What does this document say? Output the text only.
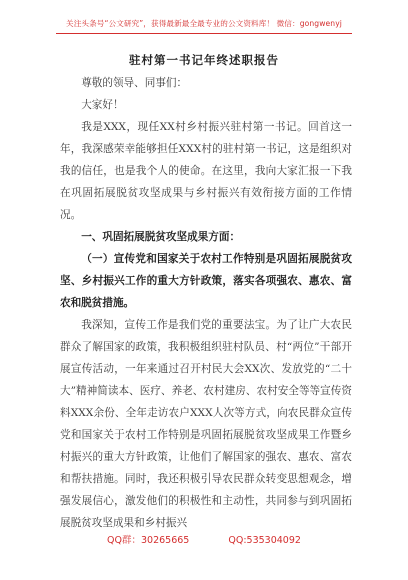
关注头条号“公文研究”，获得最新最全最专业的公文资料库！ 微信：gongwenyj
驻村第一书记年终述职报告

尊敬的领导、同事们：

大家好！

我是XXX，现任XX村乡村振兴驻村第一书记。回首这一年，我深感荣幸能够担任XXX村的驻村第一书记，这是组织对我的信任，也是我个人的使命。在这里，我向大家汇报一下我在巩固拓展脱贫攻坚成果与乡村振兴有效衔接方面的工作情况。

一、巩固拓展脱贫攻坚成果方面：

（一）宣传党和国家关于农村工作特别是巩固拓展脱贫攻坚、乡村振兴工作的重大方针政策，落实各项强农、惠农、富农和脱贫措施。

我深知，宣传工作是我们党的重要法宝。为了让广大农民群众了解国家的政策，我积极组织驻村队员、村“两位”干部开展宣传活动，一年来通过召开村民大会XX次、发放党的“二十大”精神简读本、医疗、养老、农村建房、农村安全等等宣传资料XXX余份、全年走访农户XXX人次等方式，向农民群众宣传党和国家关于农村工作特别是巩固拓展脱贫攻坚成果工作暨乡村振兴的重大方针政策，让他们了解国家的强农、惠农、富农和帮扶措施。同时，我还积极引导农民群众转变思想观念，增强发展信心，激发他们的积极性和主动性，共同参与到巩固拓展脱贫攻坚成果和乡村振兴

QQ群：30265665	QQ:535304092
